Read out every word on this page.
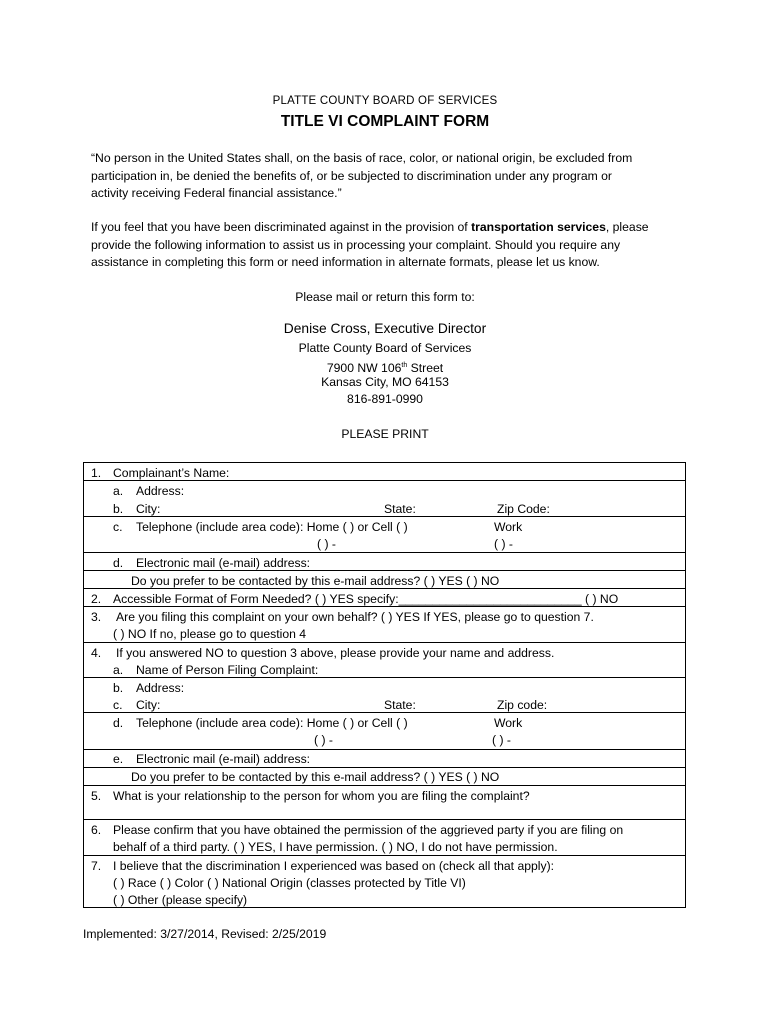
PLATTE COUNTY BOARD OF SERVICES
TITLE VI COMPLAINT FORM
“No person in the United States shall, on the basis of race, color, or national origin, be excluded from
participation in, be denied the benefits of, or be subjected to discrimination under any program or
activity receiving Federal financial assistance.”
If you feel that you have been discriminated against in the provision of transportation services, please
provide the following information to assist us in processing your complaint. Should you require any
assistance in completing this form or need information in alternate formats, please let us know.
Please mail or return this form to:
Denise Cross, Executive Director
Platte County Board of Services
7900 NW 106th Street
Kansas City, MO 64153
816-891-0990
PLEASE PRINT
1. Complainant’s Name:
a. Address:
b. City:	State:	Zip Code:
c. Telephone (include area code): Home ( ) or Cell ( )	Work
( ) -	( ) -
d. Electronic mail (e-mail) address:
Do you prefer to be contacted by this e-mail address? ( ) YES ( ) NO
2. Accessible Format of Form Needed? ( ) YES specify:___________________________ ( ) NO
3. Are you filing this complaint on your own behalf? ( ) YES If YES, please go to question 7.
( ) NO If no, please go to question 4
4. If you answered NO to question 3 above, please provide your name and address.
a. Name of Person Filing Complaint:
b. Address:
c. City:	State:	Zip code:
d. Telephone (include area code): Home ( ) or Cell ( )	Work
( ) -	( ) -
e. Electronic mail (e-mail) address:
Do you prefer to be contacted by this e-mail address? ( ) YES ( ) NO
5. What is your relationship to the person for whom you are filing the complaint?
6. Please confirm that you have obtained the permission of the aggrieved party if you are filing on
behalf of a third party. ( ) YES, I have permission. ( ) NO, I do not have permission.
7. I believe that the discrimination I experienced was based on (check all that apply):
( ) Race ( ) Color ( ) National Origin (classes protected by Title VI)
( ) Other (please specify)
Implemented: 3/27/2014, Revised: 2/25/2019
